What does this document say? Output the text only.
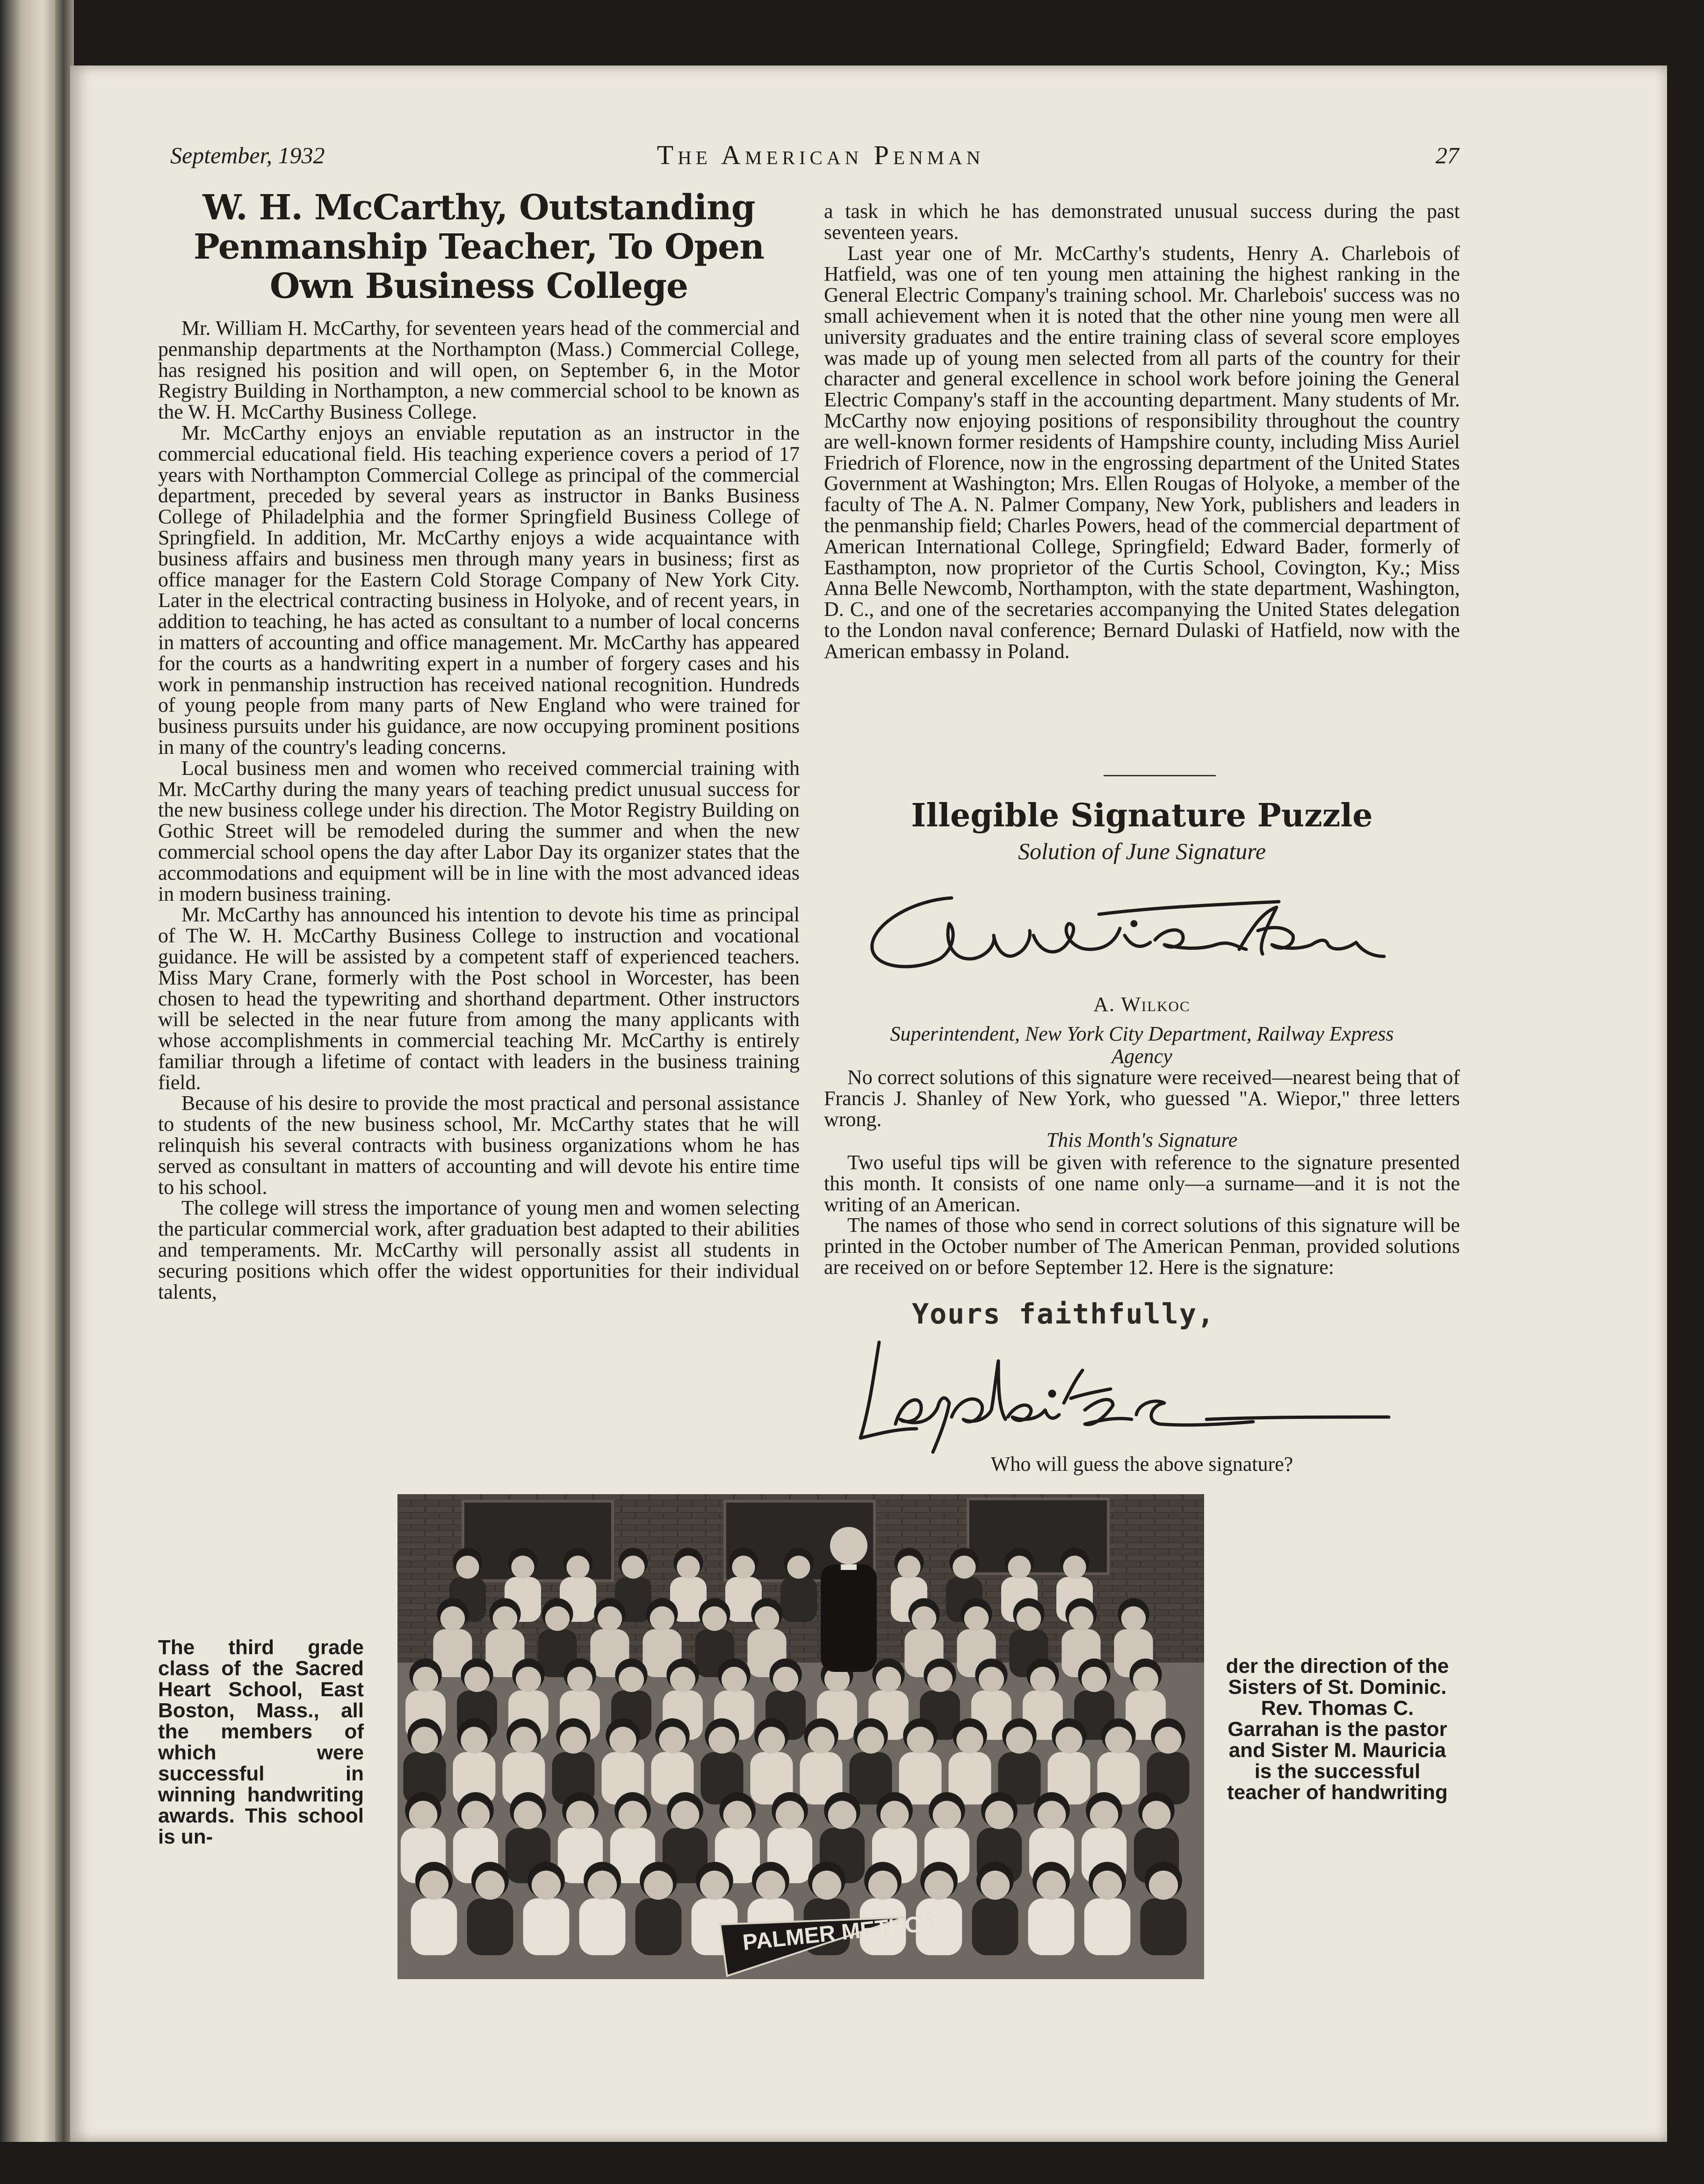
September, 1932	The American Penman	27
W. H. McCarthy, Outstanding Penmanship Teacher, To Open Own Business College

Mr. William H. McCarthy, for seventeen years head of the commercial and penmanship departments at the Northampton (Mass.) Commercial College, has resigned his position and will open, on September 6, in the Motor Registry Building in Northampton, a new commercial school to be known as the W. H. McCarthy Business College.

Mr. McCarthy enjoys an enviable reputation as an instructor in the commercial educational field. His teaching experience covers a period of 17 years with Northampton Commercial College as principal of the commercial department, preceded by several years as instructor in Banks Business College of Philadelphia and the former Springfield Business College of Springfield. In addition, Mr. McCarthy enjoys a wide acquaintance with business affairs and business men through many years in business; first as office manager for the Eastern Cold Storage Company of New York City. Later in the electrical contracting business in Holyoke, and of recent years, in addition to teaching, he has acted as consultant to a number of local concerns in matters of accounting and office management. Mr. McCarthy has appeared for the courts as a handwriting expert in a number of forgery cases and his work in penmanship instruction has received national recognition. Hundreds of young people from many parts of New England who were trained for business pursuits under his guidance, are now occupying prominent positions in many of the country's leading concerns.

Local business men and women who received commercial training with Mr. McCarthy during the many years of teaching predict unusual success for the new business college under his direction. The Motor Registry Building on Gothic Street will be remodeled during the summer and when the new commercial school opens the day after Labor Day its organizer states that the accommodations and equipment will be in line with the most advanced ideas in modern business training.

Mr. McCarthy has announced his intention to devote his time as principal of The W. H. McCarthy Business College to instruction and vocational guidance. He will be assisted by a competent staff of experienced teachers. Miss Mary Crane, formerly with the Post school in Worcester, has been chosen to head the typewriting and shorthand department. Other instructors will be selected in the near future from among the many applicants with whose accomplishments in commercial teaching Mr. McCarthy is entirely familiar through a lifetime of contact with leaders in the business training field.

Because of his desire to provide the most practical and personal assistance to students of the new business school, Mr. McCarthy states that he will relinquish his several contracts with business organizations whom he has served as consultant in matters of accounting and will devote his entire time to his school.

The college will stress the importance of young men and women selecting the particular commercial work, after graduation best adapted to their abilities and temperaments. Mr. McCarthy will personally assist all students in securing positions which offer the widest opportunities for their individual talents,

a task in which he has demonstrated unusual success during the past seventeen years.

Last year one of Mr. McCarthy's students, Henry A. Charlebois of Hatfield, was one of ten young men attaining the highest ranking in the General Electric Company's training school. Mr. Charlebois' success was no small achievement when it is noted that the other nine young men were all university graduates and the entire training class of several score employes was made up of young men selected from all parts of the country for their character and general excellence in school work before joining the General Electric Company's staff in the accounting department. Many students of Mr. McCarthy now enjoying positions of responsibility throughout the country are well-known former residents of Hampshire county, including Miss Auriel Friedrich of Florence, now in the engrossing department of the United States Government at Washington; Mrs. Ellen Rougas of Holyoke, a member of the faculty of The A. N. Palmer Company, New York, publishers and leaders in the penmanship field; Charles Powers, head of the commercial department of American International College, Springfield; Edward Bader, formerly of Easthampton, now proprietor of the Curtis School, Covington, Ky.; Miss Anna Belle Newcomb, Northampton, with the state department, Washington, D. C., and one of the secretaries accompanying the United States delegation to the London naval conference; Bernard Dulaski of Hatfield, now with the American embassy in Poland.

Illegible Signature Puzzle
Solution of June Signature
A. Wilkoc
Superintendent, New York City Department, Railway Express
Agency

No correct solutions of this signature were received—nearest being that of Francis J. Shanley of New York, who guessed "A. Wiepor," three letters wrong.

This Month's Signature

Two useful tips will be given with reference to the signature presented this month. It consists of one name only—a surname—and it is not the writing of an American.

The names of those who send in correct solutions of this signature will be printed in the October number of The American Penman, provided solutions are received on or before September 12. Here is the signature:

Yours faithfully,
Who will guess the above signature?
PALMER METHOD
The third grade class of the Sacred Heart School, East Boston, Mass., all the members of which were successful in winning handwriting awards. This school is un-
der the direction of the Sisters of St. Dominic. Rev. Thomas C. Garrahan is the pastor and Sister M. Mauricia is the successful teacher of handwriting
